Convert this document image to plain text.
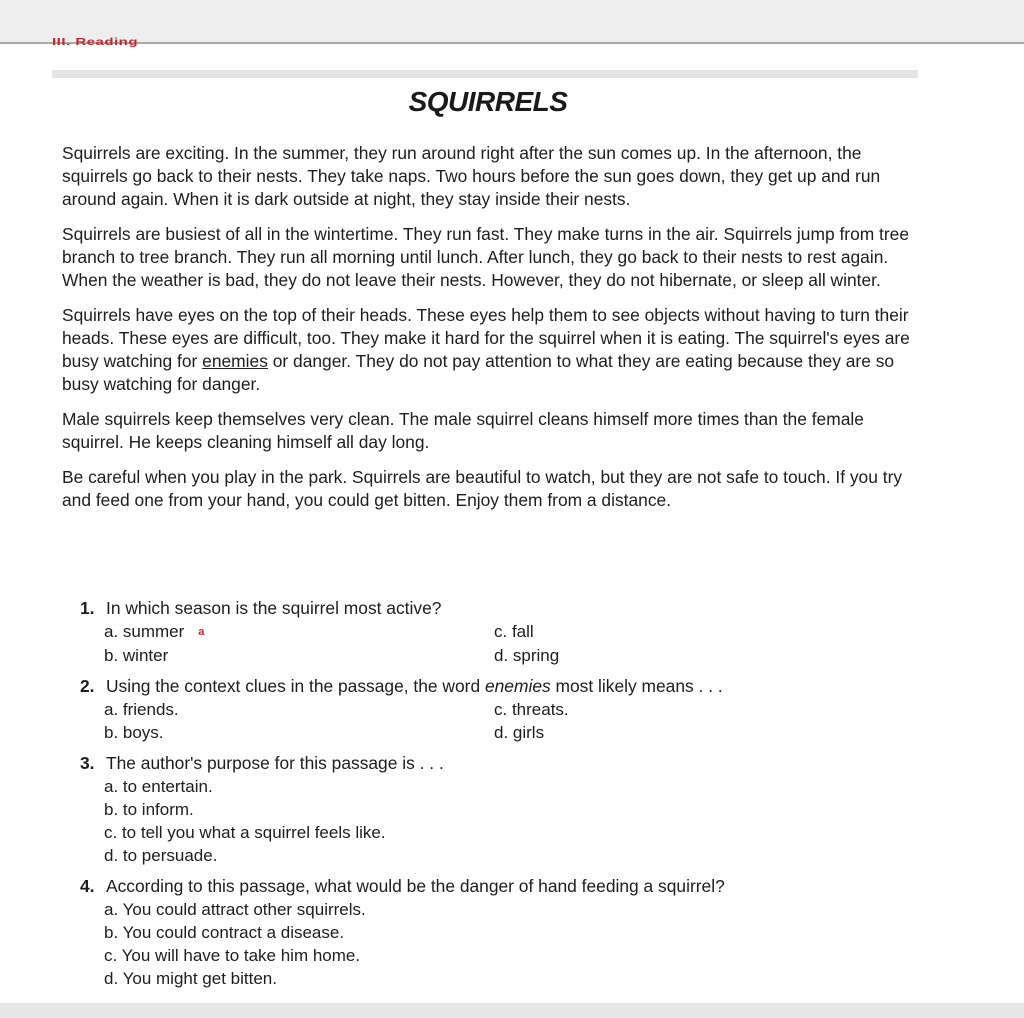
III. Reading
SQUIRRELS

Squirrels are exciting. In the summer, they run around right after the sun comes up. In the afternoon, the squirrels go back to their nests. They take naps. Two hours before the sun goes down, they get up and run around again. When it is dark outside at night, they stay inside their nests.

Squirrels are busiest of all in the wintertime. They run fast. They make turns in the air. Squirrels jump from tree branch to tree branch. They run all morning until lunch. After lunch, they go back to their nests to rest again. When the weather is bad, they do not leave their nests. However, they do not hibernate, or sleep all winter.

Squirrels have eyes on the top of their heads. These eyes help them to see objects without having to turn their heads. These eyes are difficult, too. They make it hard for the squirrel when it is eating. The squirrel's eyes are busy watching for enemies or danger. They do not pay attention to what they are eating because they are so busy watching for danger.

Male squirrels keep themselves very clean. The male squirrel cleans himself more times than the female squirrel. He keeps cleaning himself all day long.

Be careful when you play in the park. Squirrels are beautiful to watch, but they are not safe to touch. If you try and feed one from your hand, you could get bitten. Enjoy them from a distance.

1. In which season is the squirrel most active?
a. summer a	c. fall
b. winter	d. spring
2. Using the context clues in the passage, the word enemies most likely means . . .
a. friends.	c. threats.
b. boys.	d. girls
3. The author's purpose for this passage is . . .
a. to entertain.
b. to inform.
c. to tell you what a squirrel feels like.
d. to persuade.
4. According to this passage, what would be the danger of hand feeding a squirrel?
a. You could attract other squirrels.
b. You could contract a disease.
c. You will have to take him home.
d. You might get bitten.
